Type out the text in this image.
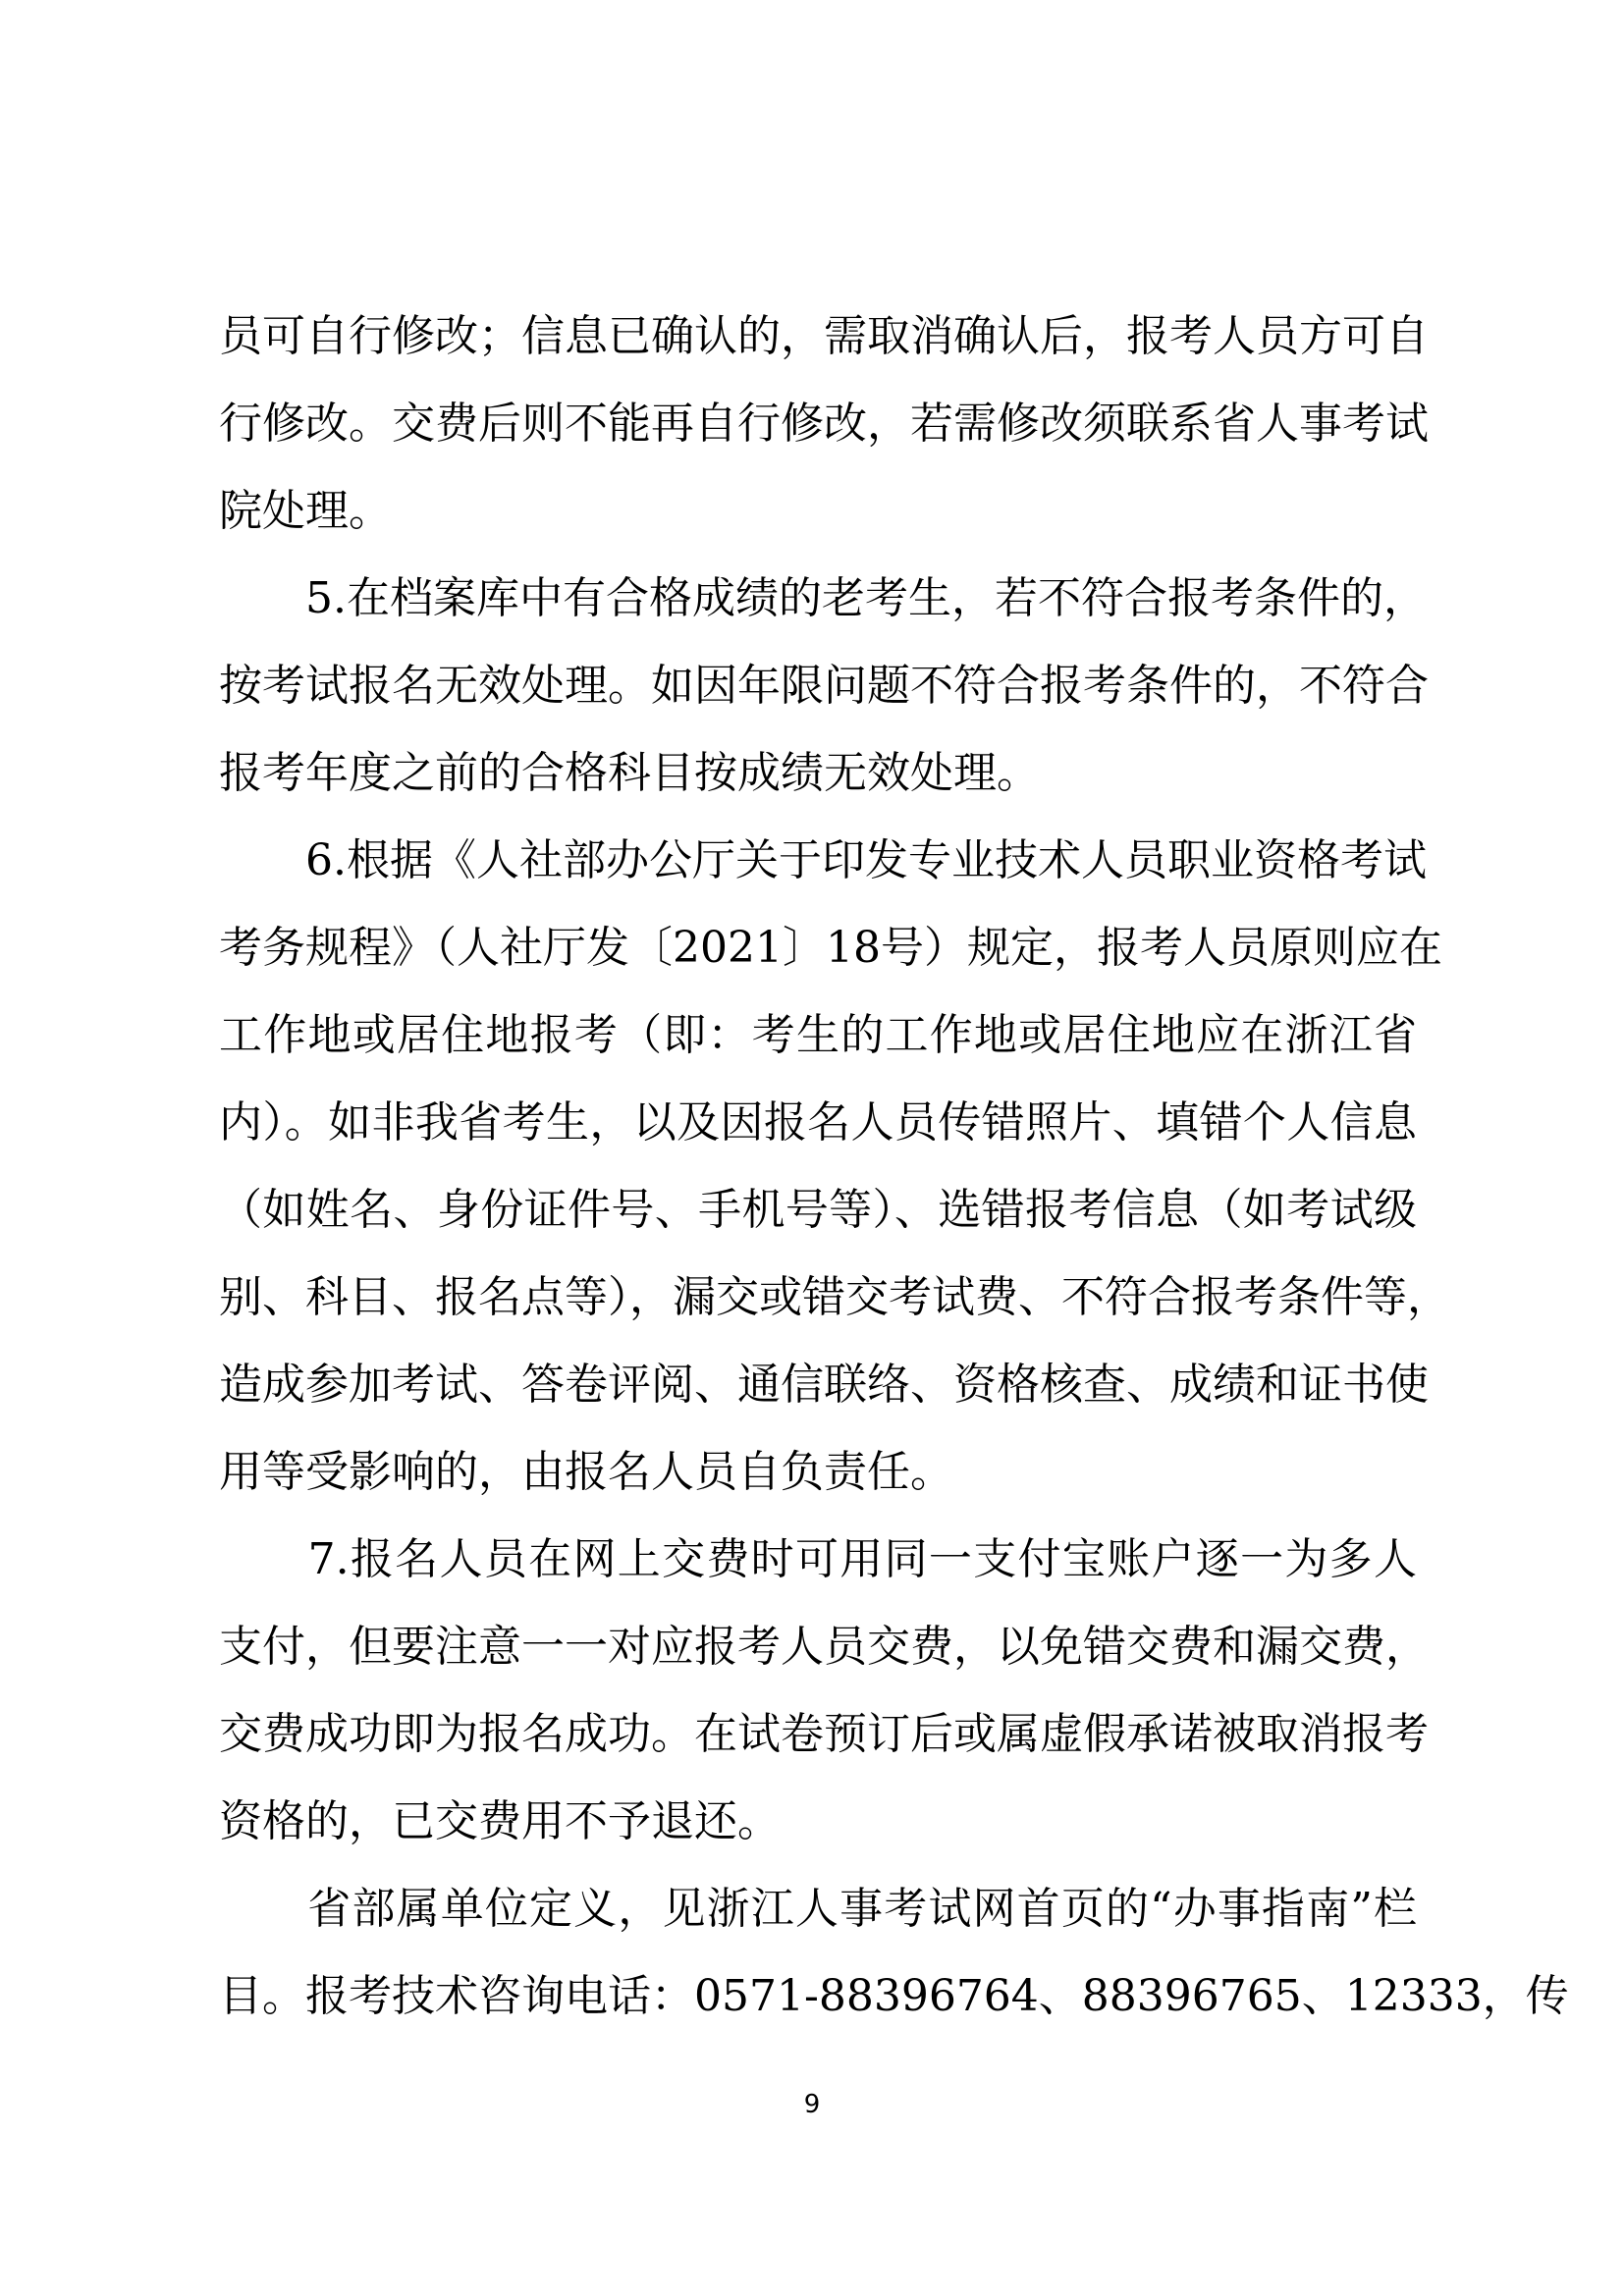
员可自行修改；信息已确认的，需取消确认后，报考人员方可自
行修改。交费后则不能再自行修改，若需修改须联系省人事考试
院处理。
　　5.在档案库中有合格成绩的老考生，若不符合报考条件的，
按考试报名无效处理。如因年限问题不符合报考条件的，不符合
报考年度之前的合格科目按成绩无效处理。
　　6.根据《人社部办公厅关于印发专业技术人员职业资格考试
考务规程》（人社厅发〔2021〕18号）规定，报考人员原则应在
工作地或居住地报考（即：考生的工作地或居住地应在浙江省
内）。如非我省考生，以及因报名人员传错照片、填错个人信息
（如姓名、身份证件号、手机号等）、选错报考信息（如考试级
别、科目、报名点等），漏交或错交考试费、不符合报考条件等，
造成参加考试、答卷评阅、通信联络、资格核查、成绩和证书使
用等受影响的，由报名人员自负责任。
　　7.报名人员在网上交费时可用同一支付宝账户逐一为多人
支付，但要注意一一对应报考人员交费，以免错交费和漏交费，
交费成功即为报名成功。在试卷预订后或属虚假承诺被取消报考
资格的，已交费用不予退还。
　　省部属单位定义，见浙江人事考试网首页的“办事指南”栏
目。报考技术咨询电话：0571-88396764、88396765、12333，传
9
